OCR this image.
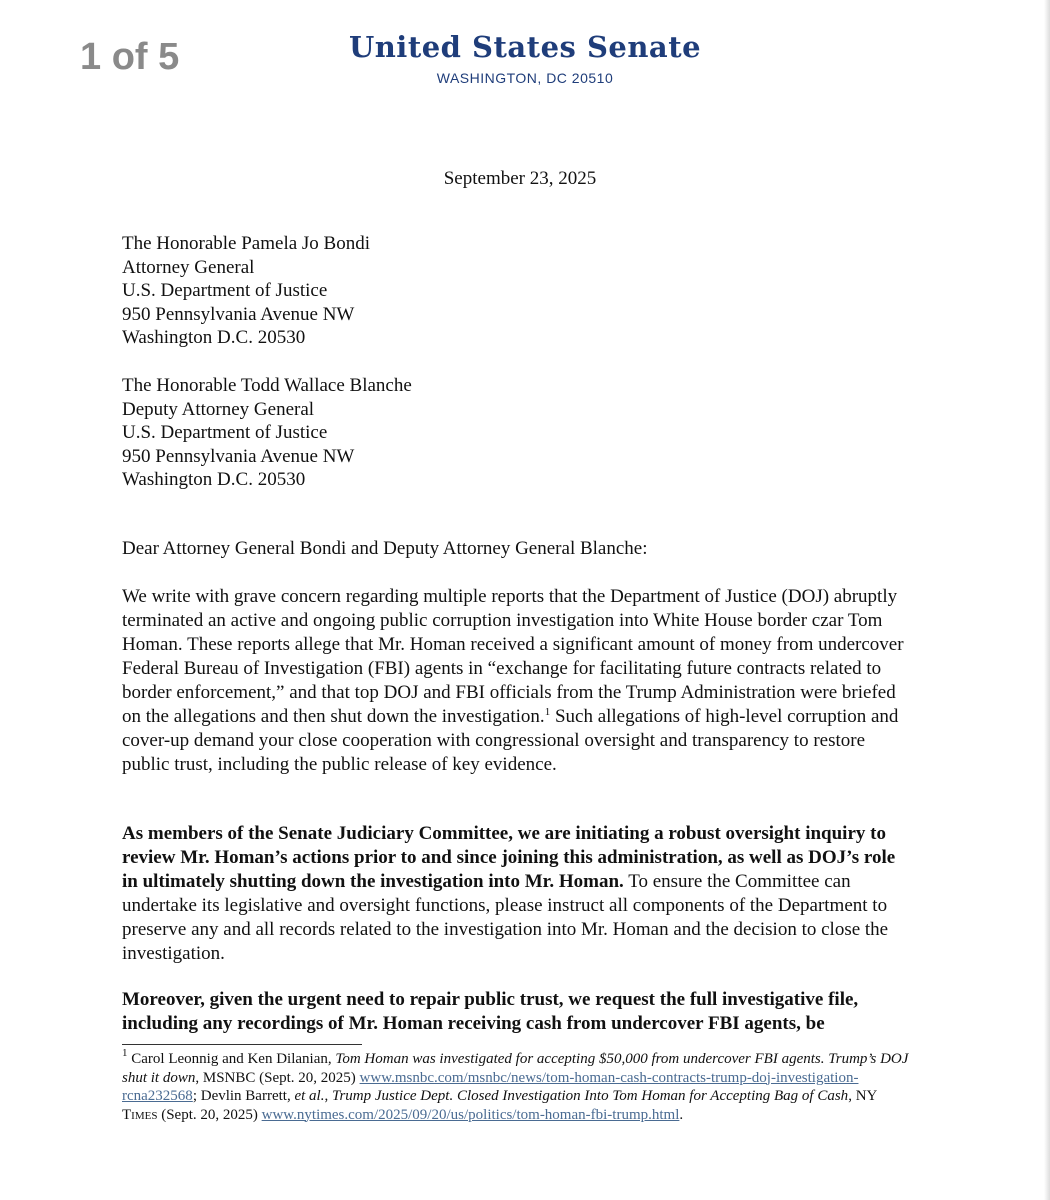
1 of 5	United States Senate
WASHINGTON, DC 20510
September 23, 2025
The Honorable Pamela Jo Bondi
Attorney General
U.S. Department of Justice
950 Pennsylvania Avenue NW
Washington D.C. 20530
The Honorable Todd Wallace Blanche
Deputy Attorney General
U.S. Department of Justice
950 Pennsylvania Avenue NW
Washington D.C. 20530
Dear Attorney General Bondi and Deputy Attorney General Blanche:

We write with grave concern regarding multiple reports that the Department of Justice (DOJ) abruptly terminated an active and ongoing public corruption investigation into White House border czar Tom Homan. These reports allege that Mr. Homan received a significant amount of money from undercover Federal Bureau of Investigation (FBI) agents in “exchange for facilitating future contracts related to border enforcement,” and that top DOJ and FBI officials from the Trump Administration were briefed on the allegations and then shut down the investigation.$^1$ Such allegations of high-level corruption and cover-up demand your close cooperation with congressional oversight and transparency to restore public trust, including the public release of key evidence.

As members of the Senate Judiciary Committee, we are initiating a robust oversight inquiry to review Mr. Homan’s actions prior to and since joining this administration, as well as DOJ’s role in ultimately shutting down the investigation into Mr. Homan. To ensure the Committee can undertake its legislative and oversight functions, please instruct all components of the Department to preserve any and all records related to the investigation into Mr. Homan and the decision to close the investigation.

Moreover, given the urgent need to repair public trust, we request the full investigative file, including any recordings of Mr. Homan receiving cash from undercover FBI agents, be

$^1$ Carol Leonnig and Ken Dilanian, Tom Homan was investigated for accepting $50,000 from undercover FBI agents. Trump’s DOJ shut it down, MSNBC (Sept. 20, 2025) www.msnbc.com/msnbc/news/tom-homan-cash-contracts-trump-doj-investigation-rcna232568; Devlin Barrett, et al., Trump Justice Dept. Closed Investigation Into Tom Homan for Accepting Bag of Cash, NY Times (Sept. 20, 2025) www.nytimes.com/2025/09/20/us/politics/tom-homan-fbi-trump.html.
